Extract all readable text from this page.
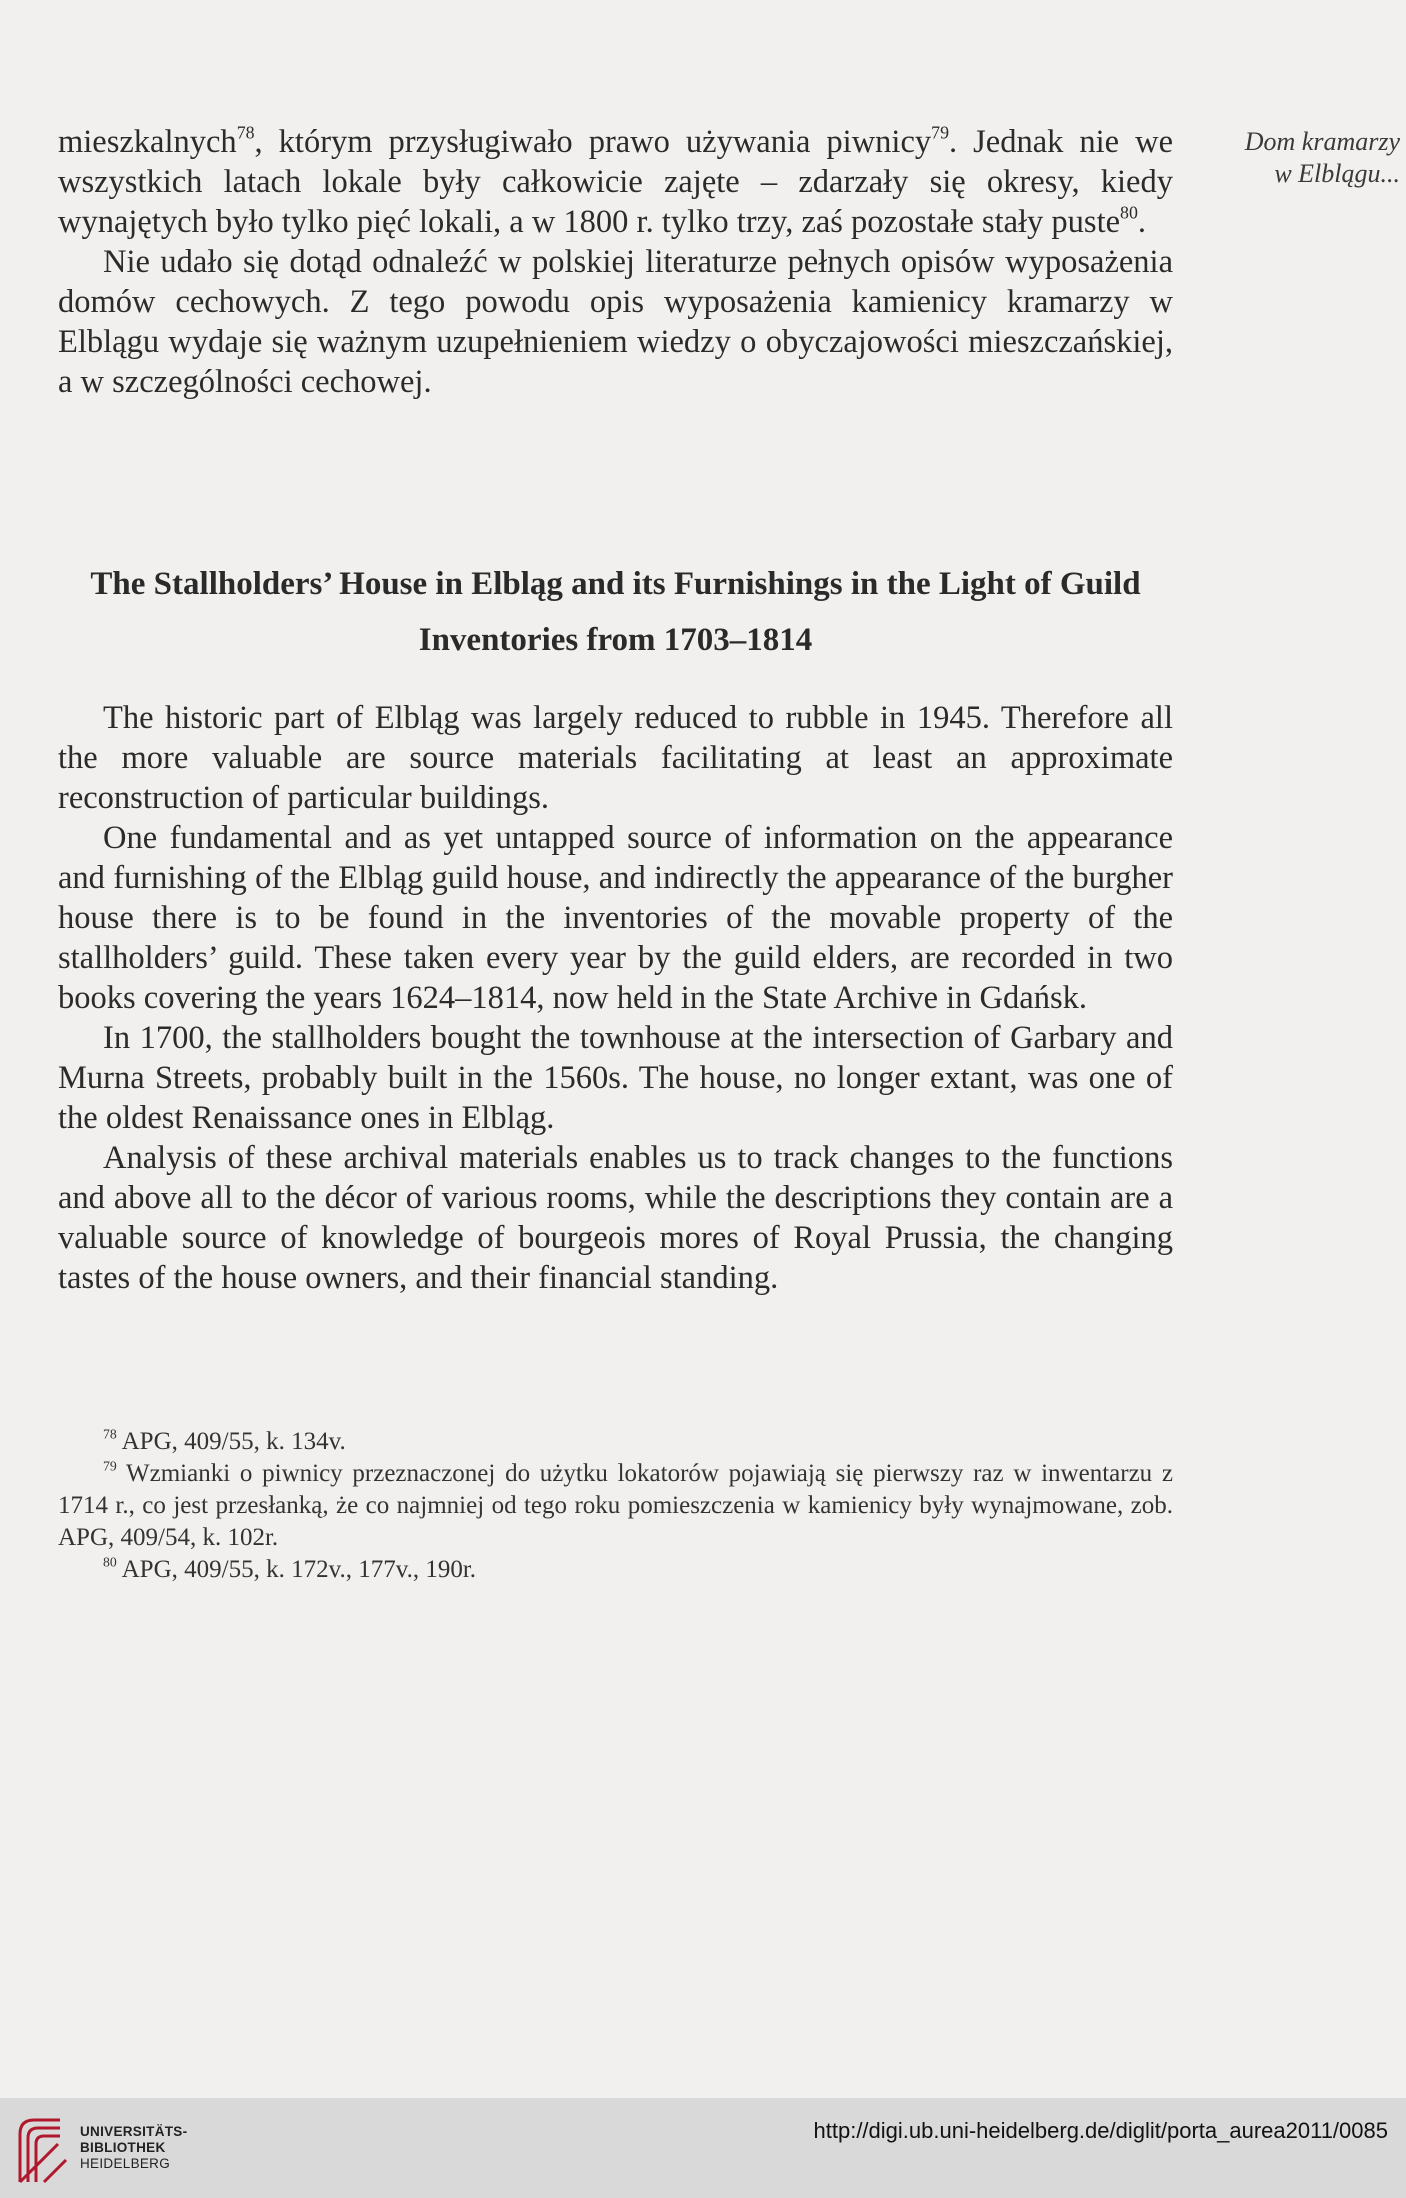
Dom kramarzy
w Elblągu...

mieszkalnych$^{78}$, którym przysługiwało prawo używania piwnicy$^{79}$. Jednak nie we wszystkich latach lokale były całkowicie zajęte – zdarzały się okresy, kiedy wynajętych było tylko pięć lokali, a w 1800 r. tylko trzy, zaś pozostałe stały puste$^{80}$.

Nie udało się dotąd odnaleźć w polskiej literaturze pełnych opisów wyposażenia domów cechowych. Z tego powodu opis wyposażenia kamienicy kramarzy w Elblągu wydaje się ważnym uzupełnieniem wiedzy o obyczajowości mieszczańskiej, a w szczególności cechowej.

The Stallholders’ House in Elbląg and its Furnishings in the Light of Guild
Inventories from 1703–1814

The historic part of Elbląg was largely reduced to rubble in 1945. Therefore all the more valuable are source materials facilitating at least an approximate reconstruction of particular buildings.

One fundamental and as yet untapped source of information on the appearance and furnishing of the Elbląg guild house, and indirectly the appearance of the burgher house there is to be found in the inventories of the movable property of the stallholders’ guild. These taken every year by the guild elders, are recorded in two books covering the years 1624–1814, now held in the State Archive in Gdańsk.

In 1700, the stallholders bought the townhouse at the intersection of Garbary and Murna Streets, probably built in the 1560s. The house, no longer extant, was one of the oldest Renaissance ones in Elbląg.

Analysis of these archival materials enables us to track changes to the functions and above all to the décor of various rooms, while the descriptions they contain are a valuable source of knowledge of bourgeois mores of Royal Prussia, the changing tastes of the house owners, and their financial standing.

$^{78}$ APG, 409/55, k. 134v.

$^{79}$ Wzmianki o piwnicy przeznaczonej do użytku lokatorów pojawiają się pierwszy raz w inwentarzu z 1714 r., co jest przesłanką, że co najmniej od tego roku pomieszczenia w kamienicy były wynajmowane, zob. APG, 409/54, k. 102r.

$^{80}$ APG, 409/55, k. 172v., 177v., 190r.

UNIVERSITÄTS-
BIBLIOTHEK
HEIDELBERG
http://digi.ub.uni-heidelberg.de/diglit/porta_aurea2011/0085
